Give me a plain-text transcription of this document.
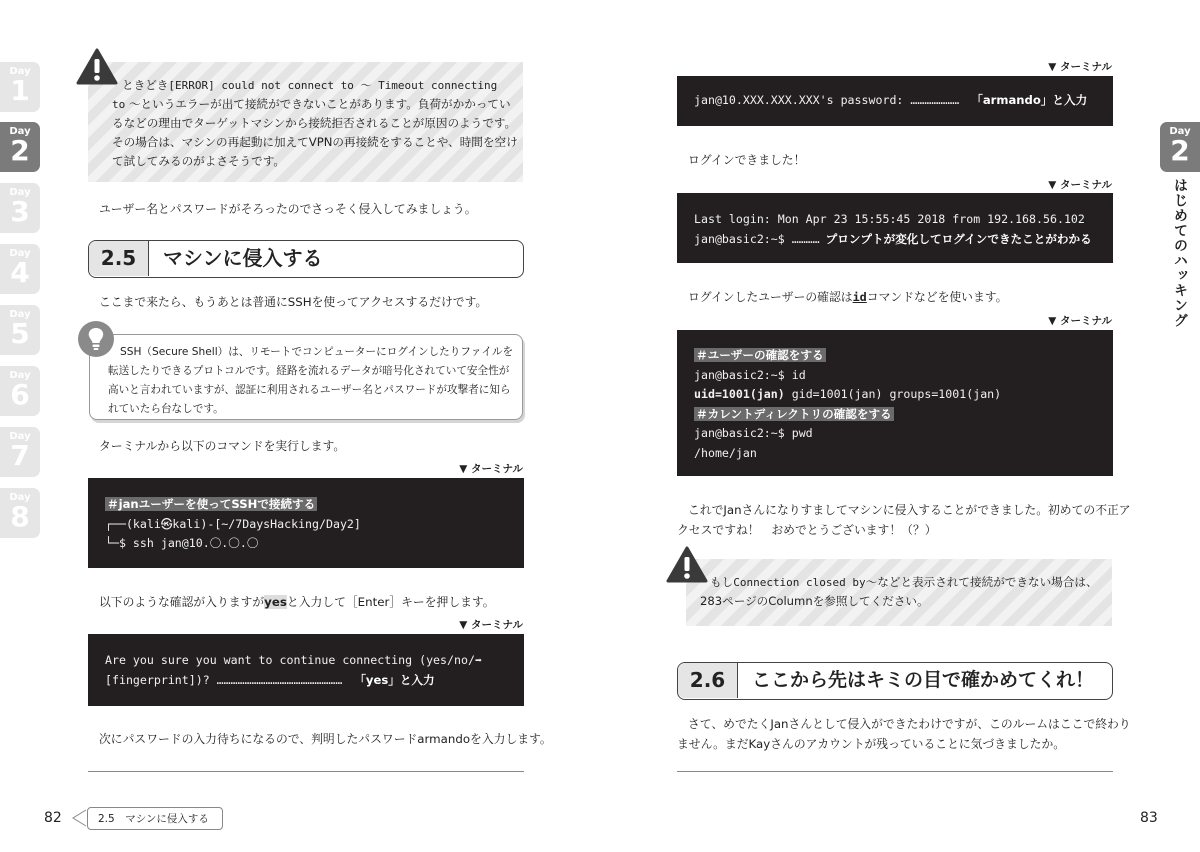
Day
1
Day
2
Day
3
Day
4
Day
5
Day
6
Day
7
Day
8
Day
2
はじめてのハッキング
ときどき[ERROR] could not connect to 〜 Timeout connecting
to 〜というエラーが出て接続ができないことがあります。負荷がかかってい
るなどの理由でターゲットマシンから接続拒否されることが原因のようです。
その場合は、マシンの再起動に加えてVPNの再接続をすることや、時間を空け
て試してみるのがよさそうです。
ユーザー名とパスワードがそろったのでさっそく侵入してみましょう。
2.5	マシンに侵入する
ここまで来たら、もうあとは普通にSSHを使ってアクセスするだけです。
SSH（Secure Shell）は、リモートでコンピューターにログインしたりファイルを
転送したりできるプロトコルです。経路を流れるデータが暗号化されていて安全性が
高いと言われていますが、認証に利用されるユーザー名とパスワードが攻撃者に知ら
れていたら台なしです。
ターミナルから以下のコマンドを実行します。
▼ ターミナル
＃janユーザーを使ってSSHで接続する
┌──(kali㉿kali)-[~/7DaysHacking/Day2]
└─$ ssh jan@10.〇.〇.〇
以下のような確認が入りますがyesと入力して［Enter］キーを押します。
▼ ターミナル
Are you sure you want to continue connecting (yes/no/➡
[fingerprint])? ……………………………………………… 「yes」と入力
次にパスワードの入力待ちになるので、判明したパスワードarmandoを入力します。
82	2.5　マシンに侵入する
▼ ターミナル
jan@10.XXX.XXX.XXX's password: ………………… 「armando」と入力
ログインできました！
▼ ターミナル
Last login: Mon Apr 23 15:55:45 2018 from 192.168.56.102
jan@basic2:~$ ………… プロンプトが変化してログインできたことがわかる
ログインしたユーザーの確認はidコマンドなどを使います。
▼ ターミナル
＃ユーザーの確認をする
jan@basic2:~$ id
uid=1001(jan) gid=1001(jan) groups=1001(jan)
＃カレントディレクトリの確認をする
jan@basic2:~$ pwd
/home/jan
これでJanさんになりすましてマシンに侵入することができました。初めての不正ア
クセスですね！　おめでとうございます！（？）
もしConnection closed by〜などと表示されて接続ができない場合は、
283ページのColumnを参照してください。
2.6	ここから先はキミの目で確かめてくれ！
さて、めでたくJanさんとして侵入ができたわけですが、このルームはここで終わり
ません。まだKayさんのアカウントが残っていることに気づきましたか。
83
